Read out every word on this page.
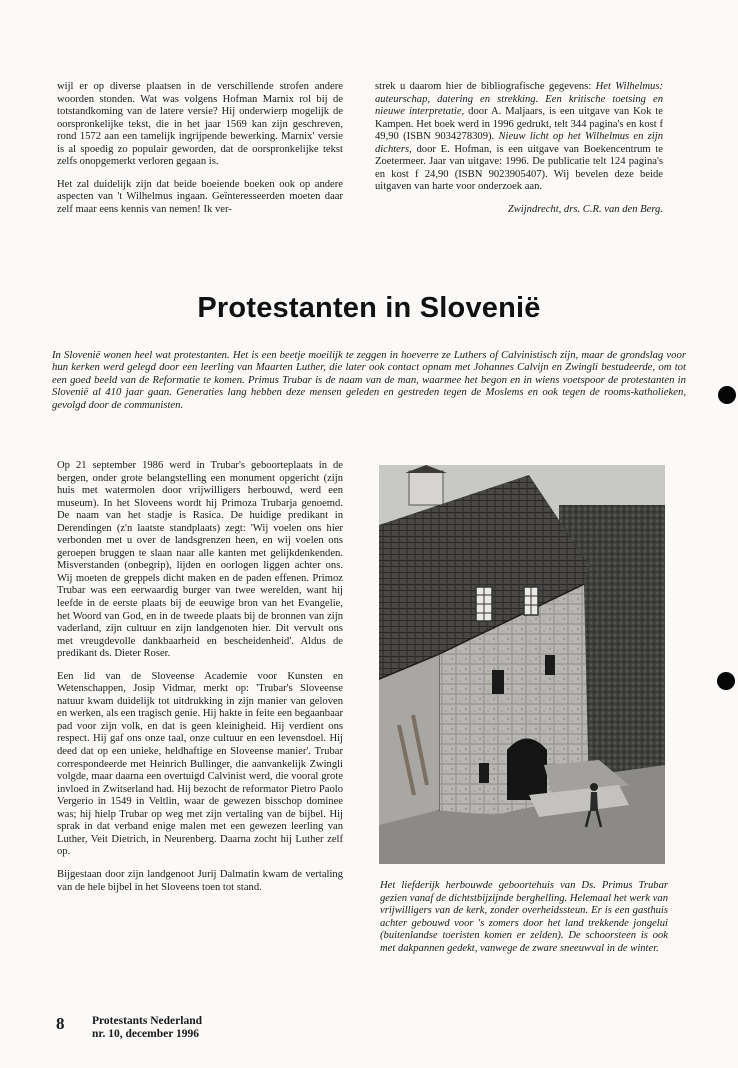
wijl er op diverse plaatsen in de verschillende strofen andere woorden stonden. Wat was volgens Hofman Marnix rol bij de totstandkoming van de latere versie? Hij onderwierp mogelijk de oorspronkelijke tekst, die in het jaar 1569 kan zijn geschreven, rond 1572 aan een tamelijk ingrijpende bewerking. Marnix' versie is al spoedig zo populair geworden, dat de oorspronkelijke tekst zelfs onopgemerkt verloren gegaan is.

Het zal duidelijk zijn dat beide boeiende boeken ook op andere aspecten van 't Wilhelmus ingaan. Geïnteresseerden moeten daar zelf maar eens kennis van nemen! Ik ver-

strek u daarom hier de bibliografische gegevens: Het Wilhelmus: auteurschap, datering en strekking. Een kritische toetsing en nieuwe interpretatie, door A. Maljaars, is een uitgave van Kok te Kampen. Het boek werd in 1996 gedrukt, telt 344 pagina's en kost f 49,90 (ISBN 9034278309). Nieuw licht op het Wilhelmus en zijn dichters, door E. Hofman, is een uitgave van Boekencentrum te Zoetermeer. Jaar van uitgave: 1996. De publicatie telt 124 pagina's en kost f 24,90 (ISBN 9023905407). Wij bevelen deze beide uitgaven van harte voor onderzoek aan.

Zwijndrecht, drs. C.R. van den Berg.

Protestanten in Slovenië
In Slovenië wonen heel wat protestanten. Het is een beetje moeilijk te zeggen in hoeverre ze Luthers of Calvinistisch zijn, maar de grondslag voor hun kerken werd gelegd door een leerling van Maarten Luther, die later ook contact opnam met Johannes Calvijn en Zwingli bestudeerde, om tot een goed beeld van de Reformatie te komen. Primus Trubar is de naam van de man, waarmee het begon en in wiens voetspoor de protestanten in Slovenië al 410 jaar gaan. Generaties lang hebben deze mensen geleden en gestreden tegen de Moslems en ook tegen de rooms-katholieken, gevolgd door de communisten.

Op 21 september 1986 werd in Trubar's geboorteplaats in de bergen, onder grote belangstelling een monument opgericht (zijn huis met watermolen door vrijwilligers herbouwd, werd een museum). In het Sloveens wordt hij Primoza Trubarja genoemd. De naam van het stadje is Rasica. De huidige predikant in Derendingen (z'n laatste standplaats) zegt: 'Wij voelen ons hier verbonden met u over de landsgrenzen heen, en wij voelen ons geroepen bruggen te slaan naar alle kanten met gelijkdenkenden. Misverstanden (onbegrip), lijden en oorlogen liggen achter ons. Wij moeten de greppels dicht maken en de paden effenen. Primoz Trubar was een eerwaardig burger van twee werelden, want hij leefde in de eerste plaats bij de eeuwige bron van het Evangelie, het Woord van God, en in de tweede plaats bij de bronnen van zijn vaderland, zijn cultuur en zijn landgenoten hier. Dit vervult ons met vreugdevolle dankbaarheid en bescheidenheid'. Aldus de predikant ds. Dieter Roser.

Een lid van de Sloveense Academie voor Kunsten en Wetenschappen, Josip Vidmar, merkt op: 'Trubar's Sloveense natuur kwam duidelijk tot uitdrukking in zijn manier van geloven en werken, als een tragisch genie. Hij hakte in feite een begaanbaar pad voor zijn volk, en dat is geen kleinigheid. Hij verdient ons respect. Hij gaf ons onze taal, onze cultuur en een levensdoel. Hij deed dat op een unieke, heldhaftige en Sloveense manier'. Trubar correspondeerde met Heinrich Bullinger, die aanvankelijk Zwingli volgde, maar daarna een overtuigd Calvinist werd, die vooral grote invloed in Zwitserland had. Hij bezocht de reformator Pietro Paolo Vergerio in 1549 in Veltlin, waar de gewezen bisschop dominee was; hij hielp Trubar op weg met zijn vertaling van de bijbel. Hij sprak in dat verband enige malen met een gewezen leerling van Luther, Veit Dietrich, in Neurenberg. Daarna zocht hij Luther zelf op.

Bijgestaan door zijn landgenoot Jurij Dalmatin kwam de vertaling van de hele bijbel in het Sloveens toen tot stand.	Het liefderijk herbouwde geboortehuis van Ds. Primus Trubar gezien vanaf de dichtstbijzijnde berghelling. Helemaal het werk van vrijwilligers van de kerk, zonder overheidssteun. Er is een gasthuis achter gebouwd voor 's zomers door het land trekkende jongelui (buitenlandse toeristen komen er zelden). De schoorsteen is ook met dakpannen gedekt, vanwege de zware sneeuwval in de winter.
8 Protestants Nederland
nr. 10, december 1996
